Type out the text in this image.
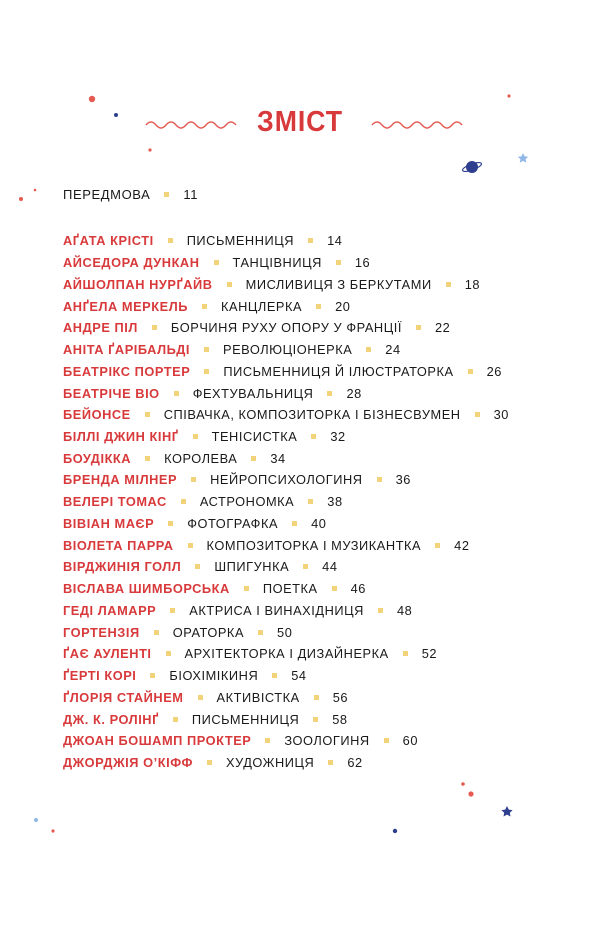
ЗМІСТ
ПЕРЕДМОВА	11
АҐАТА КРІСТІ	ПИСЬМЕННИЦЯ	14
АЙСЕДОРА ДУНКАН	ТАНЦІВНИЦЯ	16
АЙШОЛПАН НУРҐАЙВ	МИСЛИВИЦЯ З БЕРКУТАМИ	18
АНҐЕЛА МЕРКЕЛЬ	КАНЦЛЕРКА	20
АНДРЕ ПІЛ	БОРЧИНЯ РУХУ ОПОРУ У ФРАНЦІЇ	22
АНІТА ҐАРІБАЛЬДІ	РЕВОЛЮЦІОНЕРКА	24
БЕАТРІКС ПОРТЕР	ПИСЬМЕННИЦЯ Й ІЛЮСТРАТОРКА	26
БЕАТРІЧЕ ВІО	ФЕХТУВАЛЬНИЦЯ	28
БЕЙОНСЕ	СПІВАЧКА, КОМПОЗИТОРКА І БІЗНЕСВУМЕН	30
БІЛЛІ ДЖИН КІНҐ	ТЕНІСИСТКА	32
БОУДІККА	КОРОЛЕВА	34
БРЕНДА МІЛНЕР	НЕЙРОПСИХОЛОГИНЯ	36
ВЕЛЕРІ ТОМАС	АСТРОНОМКА	38
ВІВІАН МАЄР	ФОТОГРАФКА	40
ВІОЛЕТА ПАРРА	КОМПОЗИТОРКА І МУЗИКАНТКА	42
ВІРДЖИНІЯ ГОЛЛ	ШПИГУНКА	44
ВІСЛАВА ШИМБОРСЬКА	ПОЕТКА	46
ГЕДІ ЛАМАРР	АКТРИСА І ВИНАХІДНИЦЯ	48
ГОРТЕНЗІЯ	ОРАТОРКА	50
ҐАЄ АУЛЕНТІ	АРХІТЕКТОРКА І ДИЗАЙНЕРКА	52
ҐЕРТІ КОРІ	БІОХІМІКИНЯ	54
ҐЛОРІЯ СТАЙНЕМ	АКТИВІСТКА	56
ДЖ. К. РОЛІНҐ	ПИСЬМЕННИЦЯ	58
ДЖОАН БОШАМП ПРОКТЕР	ЗООЛОГИНЯ	60
ДЖОРДЖІЯ О’КІФФ	ХУДОЖНИЦЯ	62
